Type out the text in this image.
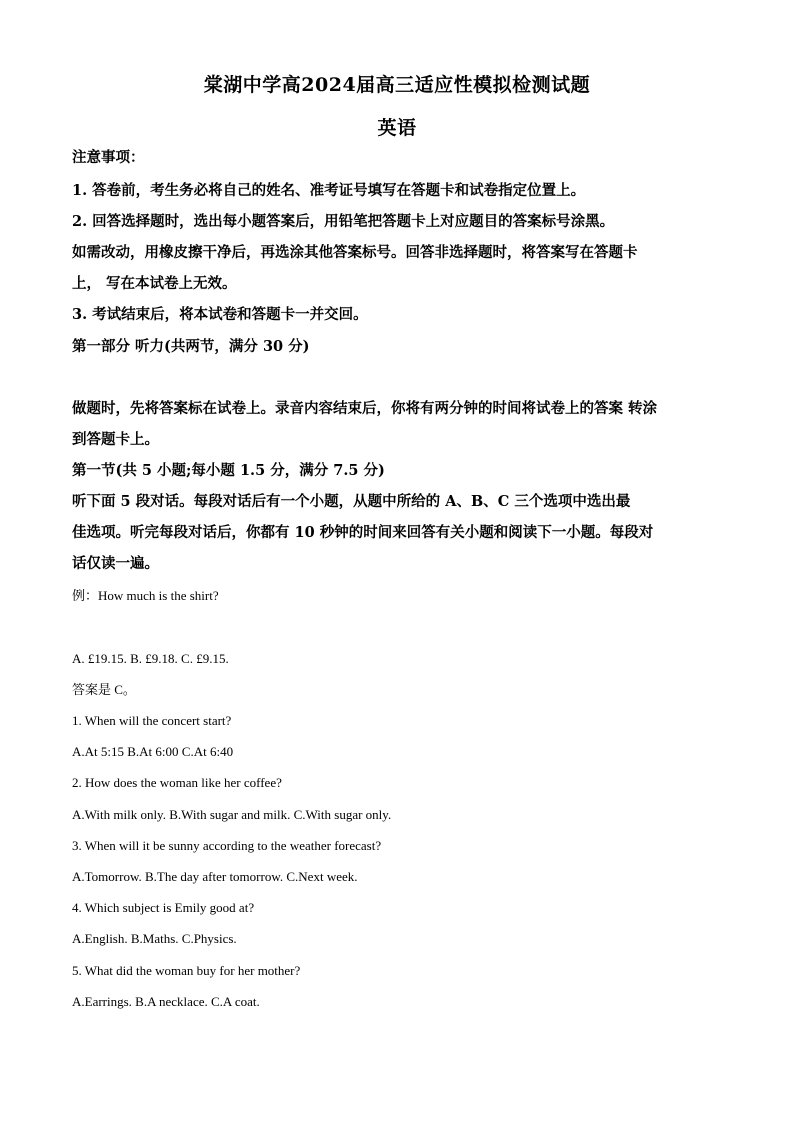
棠湖中学高2024届高三适应性模拟检测试题
英语
注意事项：
1. 答卷前，考生务必将自己的姓名、准考证号填写在答题卡和试卷指定位置上。
2. 回答选择题时，选出每小题答案后，用铅笔把答题卡上对应题目的答案标号涂黑。
如需改动，用橡皮擦干净后，再选涂其他答案标号。回答非选择题时，将答案写在答题卡
上， 写在本试卷上无效。
3. 考试结束后，将本试卷和答题卡一并交回。
第一部分 听力(共两节，满分 30 分)
做题时，先将答案标在试卷上。录音内容结束后，你将有两分钟的时间将试卷上的答案 转涂
到答题卡上。
第一节(共 5 小题;每小题 1.5 分，满分 7.5 分)
听下面 5 段对话。每段对话后有一个小题，从题中所给的 A、B、C 三个选项中选出最
佳选项。听完每段对话后，你都有 10 秒钟的时间来回答有关小题和阅读下一小题。每段对
话仅读一遍。
例：How much is the shirt?
A. £19.15. B. £9.18. C. £9.15.
答案是 C。
1. When will the concert start?
A.At 5:15 B.At 6:00 C.At 6:40
2. How does the woman like her coffee?
A.With milk only. B.With sugar and milk. C.With sugar only.
3. When will it be sunny according to the weather forecast?
A.Tomorrow. B.The day after tomorrow. C.Next week.
4. Which subject is Emily good at?
A.English. B.Maths. C.Physics.
5. What did the woman buy for her mother?
A.Earrings. B.A necklace. C.A coat.
